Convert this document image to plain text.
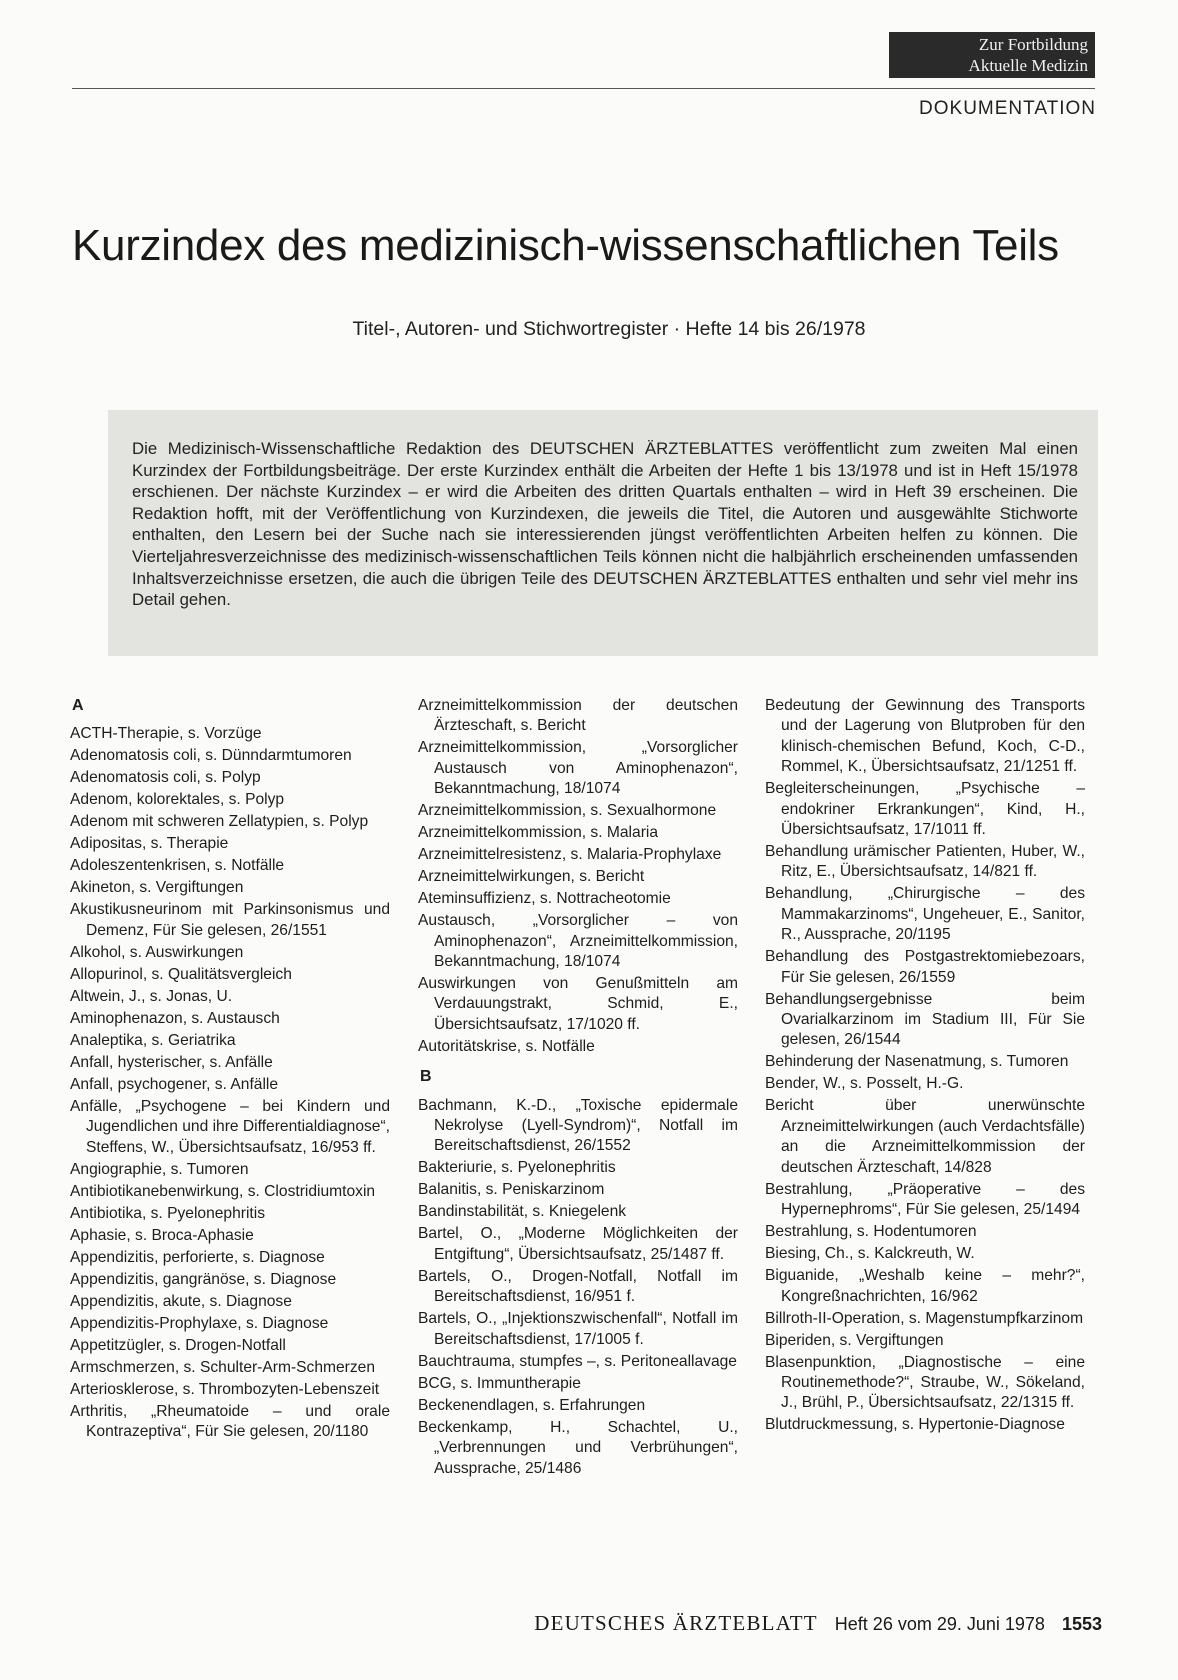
Zur Fortbildung
Aktuelle Medizin
DOKUMENTATION
Kurzindex des medizinisch-wissenschaftlichen Teils
Titel-, Autoren- und Stichwortregister · Hefte 14 bis 26/1978
Die Medizinisch-Wissenschaftliche Redaktion des DEUTSCHEN ÄRZTEBLATTES veröffentlicht zum zweiten Mal einen Kurzindex der Fortbildungsbeiträge. Der erste Kurzindex enthält die Arbeiten der Hefte 1 bis 13/1978 und ist in Heft 15/1978 erschienen. Der nächste Kurzindex – er wird die Arbeiten des dritten Quartals enthalten – wird in Heft 39 erscheinen. Die Redaktion hofft, mit der Veröffentlichung von Kurzindexen, die jeweils die Titel, die Autoren und ausgewählte Stichworte enthalten, den Lesern bei der Suche nach sie interessierenden jüngst veröffentlichten Arbeiten helfen zu können. Die Vierteljahresverzeichnisse des medizinisch-wissenschaftlichen Teils können nicht die halbjährlich erscheinenden umfassenden Inhaltsverzeichnisse ersetzen, die auch die übrigen Teile des DEUTSCHEN ÄRZTEBLATTES enthalten und sehr viel mehr ins Detail gehen.
A
ACTH-Therapie, s. Vorzüge
Adenomatosis coli, s. Dünndarmtumoren
Adenomatosis coli, s. Polyp
Adenom, kolorektales, s. Polyp
Adenom mit schweren Zellatypien, s. Polyp
Adipositas, s. Therapie
Adoleszentenkrisen, s. Notfälle
Akineton, s. Vergiftungen
Akustikusneurinom mit Parkinsonismus und Demenz, Für Sie gelesen, 26/1551
Alkohol, s. Auswirkungen
Allopurinol, s. Qualitätsvergleich
Altwein, J., s. Jonas, U.
Aminophenazon, s. Austausch
Analeptika, s. Geriatrika
Anfall, hysterischer, s. Anfälle
Anfall, psychogener, s. Anfälle
Anfälle, „Psychogene – bei Kindern und Jugendlichen und ihre Differentialdiagnose“, Steffens, W., Übersichtsaufsatz, 16/953 ff.
Angiographie, s. Tumoren
Antibiotikanebenwirkung, s. Clostridiumtoxin
Antibiotika, s. Pyelonephritis
Aphasie, s. Broca-Aphasie
Appendizitis, perforierte, s. Diagnose
Appendizitis, gangränöse, s. Diagnose
Appendizitis, akute, s. Diagnose
Appendizitis-Prophylaxe, s. Diagnose
Appetitzügler, s. Drogen-Notfall
Armschmerzen, s. Schulter-Arm-Schmerzen
Arteriosklerose, s. Thrombozyten-Lebenszeit
Arthritis, „Rheumatoide – und orale Kontrazeptiva“, Für Sie gelesen, 20/1180
Arzneimittelkommission der deutschen Ärzteschaft, s. Bericht
Arzneimittelkommission, „Vorsorglicher Austausch von Aminophenazon“, Bekanntmachung, 18/1074
Arzneimittelkommission, s. Sexualhormone
Arzneimittelkommission, s. Malaria
Arzneimittelresistenz, s. Malaria-Prophylaxe
Arzneimittelwirkungen, s. Bericht
Ateminsuffizienz, s. Nottracheotomie
Austausch, „Vorsorglicher – von Aminophenazon“, Arzneimittelkommission, Bekanntmachung, 18/1074
Auswirkungen von Genußmitteln am Verdauungstrakt, Schmid, E., Übersichtsaufsatz, 17/1020 ff.
Autoritätskrise, s. Notfälle
B
Bachmann, K.-D., „Toxische epidermale Nekrolyse (Lyell-Syndrom)“, Notfall im Bereitschaftsdienst, 26/1552
Bakteriurie, s. Pyelonephritis
Balanitis, s. Peniskarzinom
Bandinstabilität, s. Kniegelenk
Bartel, O., „Moderne Möglichkeiten der Entgiftung“, Übersichtsaufsatz, 25/1487 ff.
Bartels, O., Drogen-Notfall, Notfall im Bereitschaftsdienst, 16/951 f.
Bartels, O., „Injektionszwischenfall“, Notfall im Bereitschaftsdienst, 17/1005 f.
Bauchtrauma, stumpfes –, s. Peritoneallavage
BCG, s. Immuntherapie
Beckenendlagen, s. Erfahrungen
Beckenkamp, H., Schachtel, U., „Verbrennungen und Verbrühungen“, Aussprache, 25/1486
Bedeutung der Gewinnung des Transports und der Lagerung von Blutproben für den klinisch-chemischen Befund, Koch, C-D., Rommel, K., Übersichtsaufsatz, 21/1251 ff.
Begleiterscheinungen, „Psychische – endokriner Erkrankungen“, Kind, H., Übersichtsaufsatz, 17/1011 ff.
Behandlung urämischer Patienten, Huber, W., Ritz, E., Übersichtsaufsatz, 14/821 ff.
Behandlung, „Chirurgische – des Mammakarzinoms“, Ungeheuer, E., Sanitor, R., Aussprache, 20/1195
Behandlung des Postgastrektomiebezoars, Für Sie gelesen, 26/1559
Behandlungsergebnisse beim Ovarialkarzinom im Stadium III, Für Sie gelesen, 26/1544
Behinderung der Nasenatmung, s. Tumoren
Bender, W., s. Posselt, H.-G.
Bericht über unerwünschte Arzneimittelwirkungen (auch Verdachtsfälle) an die Arzneimittelkommission der deutschen Ärzteschaft, 14/828
Bestrahlung, „Präoperative – des Hypernephroms“, Für Sie gelesen, 25/1494
Bestrahlung, s. Hodentumoren
Biesing, Ch., s. Kalckreuth, W.
Biguanide, „Weshalb keine – mehr?“, Kongreßnachrichten, 16/962
Billroth-II-Operation, s. Magenstumpfkarzinom
Biperiden, s. Vergiftungen
Blasenpunktion, „Diagnostische – eine Routinemethode?“, Straube, W., Sökeland, J., Brühl, P., Übersichtsaufsatz, 22/1315 ff.
Blutdruckmessung, s. Hypertonie-Diagnose
DEUTSCHES ÄRZTEBLATT Heft 26 vom 29. Juni 1978 1553
